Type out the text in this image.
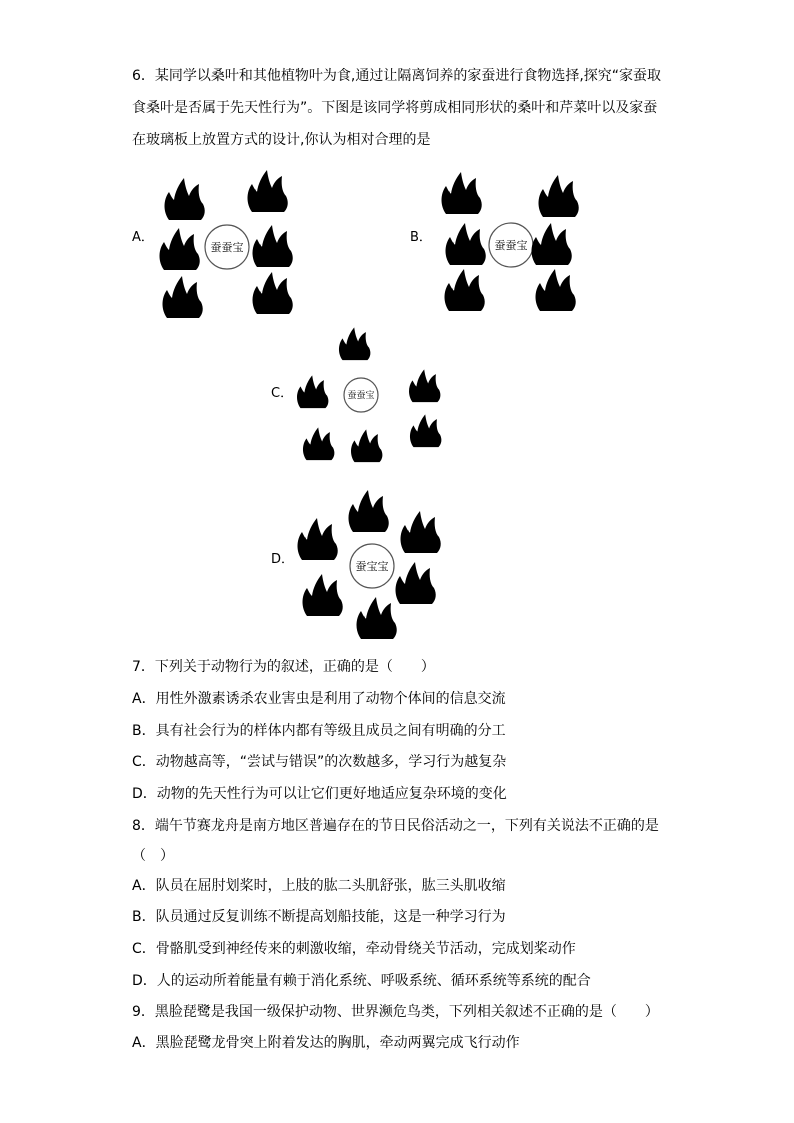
6．某同学以桑叶和其他植物叶为食,通过让隔离饲养的家蚕进行食物选择,探究“家蚕取
食桑叶是否属于先天性行为”。下图是该同学将剪成相同形状的桑叶和芹菜叶以及家蚕
在玻璃板上放置方式的设计,你认为相对合理的是
A．	B．
C．
D．
蚕蚕宝
桑叶
芹菜叶
桑叶	芹菜叶
桑叶	芹菜叶
蚕蚕宝
芹菜叶	桑叶
芹菜叶	桑叶
芹菜叶	桑叶
蚕蚕宝
桑叶
桑叶
芹菜叶
芹菜叶
桑叶 芹菜叶
蚕宝宝
桑叶
芹菜叶
芹菜叶
桑叶
桑叶
芹菜叶
7．下列关于动物行为的叙述，正确的是（　　）
A．用性外激素诱杀农业害虫是利用了动物个体间的信息交流
B．具有社会行为的样体内都有等级且成员之间有明确的分工
C．动物越高等，“尝试与错误”的次数越多，学习行为越复杂
D．动物的先天性行为可以让它们更好地适应复杂环境的变化
8．端午节赛龙舟是南方地区普遍存在的节日民俗活动之一，下列有关说法不正确的是
（　）
A．队员在屈肘划桨时，上肢的肱二头肌舒张，肱三头肌收缩
B．队员通过反复训练不断提高划船技能，这是一种学习行为
C．骨骼肌受到神经传来的刺激收缩，牵动骨绕关节活动，完成划桨动作
D．人的运动所着能量有赖于消化系统、呼吸系统、循环系统等系统的配合
9．黑脸琵鹭是我国一级保护动物、世界濒危鸟类，下列相关叙述不正确的是（　　）
A．黑脸琵鹭龙骨突上附着发达的胸肌，牵动两翼完成飞行动作
